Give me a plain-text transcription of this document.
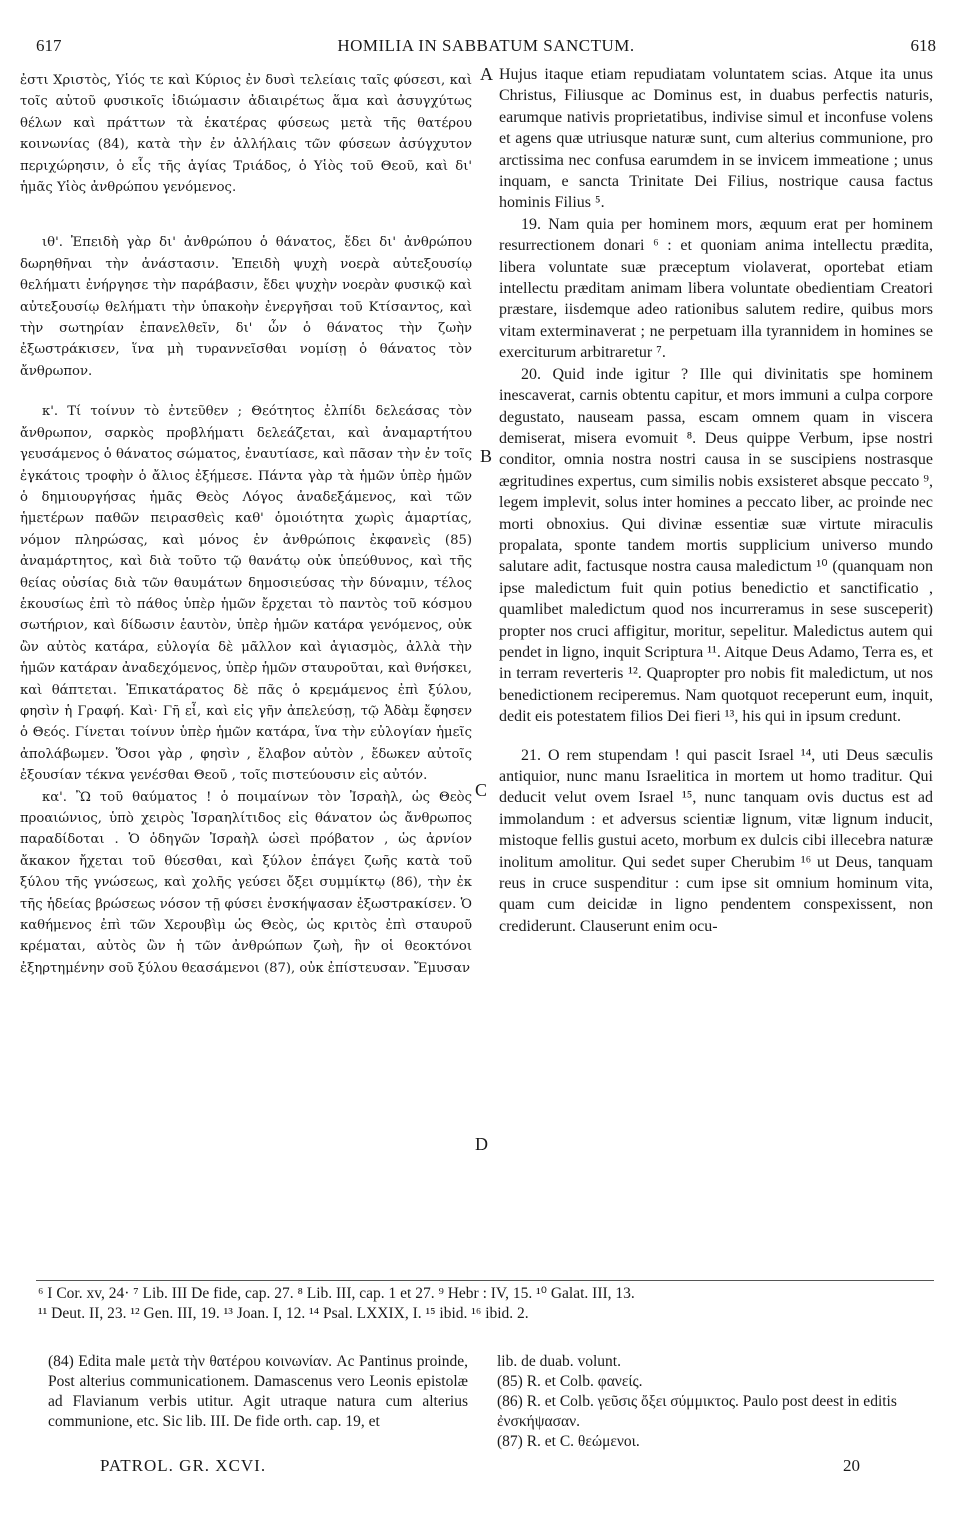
617	HOMILIA IN SABBATUM SANCTUM.	618

ἐστι Χριστὸς, Υἱός τε καὶ Κύριος ἐν δυσὶ τελείαις ταῖς φύσεσι, καὶ τοῖς αὐτοῦ φυσικοῖς ἰδιώμασιν ἀδιαιρέτως ἅμα καὶ ἀσυγχύτως θέλων καὶ πράττων τὰ ἑκατέρας φύσεως μετὰ τῆς θατέρου κοινωνίας (84), κατὰ τὴν ἐν ἀλλήλαις τῶν φύσεων ἀσύγχυτον περιχώρησιν, ὁ εἷς τῆς ἁγίας Τριάδος, ὁ Υἱὸς τοῦ Θεοῦ, καὶ δι' ἡμᾶς Υἱὸς ἀνθρώπου γενόμενος.

ιθ'. Ἐπειδὴ γὰρ δι' ἀνθρώπου ὁ θάνατος, ἔδει δι' ἀνθρώπου δωρηθῆναι τὴν ἀνάστασιν. Ἐπειδὴ ψυχὴ νοερὰ αὐτεξουσίῳ θελήματι ἐνήργησε τὴν παράβασιν, ἔδει ψυχὴν νοερὰν φυσικῷ καὶ αὐτεξουσίῳ θελήματι τὴν ὑπακοὴν ἐνεργῆσαι τοῦ Κτίσαντος, καὶ τὴν σωτηρίαν ἐπανελθεῖν, δι' ὧν ὁ θάνατος τὴν ζωὴν ἐξωστράκισεν, ἵνα μὴ τυραννεῖσθαι νομίσῃ ὁ θάνατος τὸν ἄνθρωπον.

κ'. Τί τοίνυν τὸ ἐντεῦθεν ; Θεότητος ἐλπίδι δελεάσας τὸν ἄνθρωπον, σαρκὸς προβλήματι δελεάζεται, καὶ ἀναμαρτήτου γευσάμενος ὁ θάνατος σώματος, ἐναυτίασε, καὶ πᾶσαν τὴν ἐν τοῖς ἐγκάτοις τροφὴν ὁ ἄλιος ἐξήμεσε. Πάντα γὰρ τὰ ἡμῶν ὑπὲρ ἡμῶν ὁ δημιουργήσας ἡμᾶς Θεὸς Λόγος ἀναδεξάμενος, καὶ τῶν ἡμετέρων παθῶν πειρασθεὶς καθ' ὁμοιότητα χωρὶς ἁμαρτίας, νόμον πληρώσας, καὶ μόνος ἐν ἀνθρώποις ἐκφανεὶς (85) ἀναμάρτητος, καὶ διὰ τοῦτο τῷ θανάτῳ οὐκ ὑπεύθυνος, καὶ τῆς θείας οὐσίας διὰ τῶν θαυμάτων δημοσιεύσας τὴν δύναμιν, τέλος ἑκουσίως ἐπὶ τὸ πάθος ὑπὲρ ἡμῶν ἔρχεται τὸ παντὸς τοῦ κόσμου σωτήριον, καὶ δίδωσιν ἑαυτὸν, ὑπὲρ ἡμῶν κατάρα γενόμενος, οὐκ ὢν αὐτὸς κατάρα, εὐλογία δὲ μᾶλλον καὶ ἁγιασμὸς, ἀλλὰ τὴν ἡμῶν κατάραν ἀναδεχόμενος, ὑπὲρ ἡμῶν σταυροῦται, καὶ θνήσκει, καὶ θάπτεται. Ἐπικατάρατος δὲ πᾶς ὁ κρεμάμενος ἐπὶ ξύλου, φησὶν ἡ Γραφή. Καὶ· Γῆ εἶ, καὶ εἰς γῆν ἀπελεύσῃ, τῷ Ἀδὰμ ἔφησεν ὁ Θεός. Γίνεται τοίνυν ὑπὲρ ἡμῶν κατάρα, ἵνα τὴν εὐλογίαν ἡμεῖς ἀπολάβωμεν. Ὅσοι γὰρ , φησὶν , ἔλαβον αὐτὸν , ἔδωκεν αὐτοῖς ἐξουσίαν τέκνα γενέσθαι Θεοῦ , τοῖς πιστεύουσιν εἰς αὐτόν.

κα'. Ὢ τοῦ θαύματος ! ὁ ποιμαίνων τὸν Ἰσραὴλ, ὡς Θεὸς προαιώνιος, ὑπὸ χειρὸς Ἰσραηλίτιδος εἰς θάνατον ὡς ἄνθρωπος παραδίδοται . Ὁ ὁδηγῶν Ἰσραὴλ ὡσεὶ πρόβατον , ὡς ἀρνίον ἄκακον ἤχεται τοῦ θύεσθαι, καὶ ξύλον ἐπάγει ζωῆς κατὰ τοῦ ξύλου τῆς γνώσεως, καὶ χολῆς γεύσει ὄξει συμμίκτῳ (86), τὴν ἐκ τῆς ἡδείας βρώσεως νόσον τῇ φύσει ἐνσκήψασαν ἐξωστρακίσεν. Ὁ καθήμενος ἐπὶ τῶν Χερουβὶμ ὡς Θεὸς, ὡς κριτὸς ἐπὶ σταυροῦ κρέμαται, αὐτὸς ὢν ἡ τῶν ἀνθρώπων ζωὴ, ἣν οἱ θεοκτόνοι ἐξηρτημένην σοῦ ξύλου θεασάμενοι (87), οὐκ ἐπίστευσαν. Ἔμυσαν

A
B
C
D

Hujus itaque etiam repudiatam voluntatem scias. Atque ita unus Christus, Filiusque ac Dominus est, in duabus perfectis naturis, earumque nativis proprietatibus, indivise simul et inconfuse volens et agens quæ utriusque naturæ sunt, cum alterius communione, pro arctissima nec confusa earumdem in se invicem immeatione ; unus inquam, e sancta Trinitate Dei Filius, nostrique causa factus hominis Filius ⁵.

19. Nam quia per hominem mors, æquum erat per hominem resurrectionem donari ⁶ : et quoniam anima intellectu prædita, libera voluntate suæ præceptum violaverat, oportebat etiam intellectu præditam animam libera voluntate obedientiam Creatori præstare, iisdemque adeo rationibus salutem redire, quibus mors vitam exterminaverat ; ne perpetuam illa tyrannidem in homines se exerciturum arbitraretur ⁷.

20. Quid inde igitur ? Ille qui divinitatis spe hominem inescaverat, carnis obtentu capitur, et mors immuni a culpa corpore degustato, nauseam passa, escam omnem quam in viscera demiserat, misera evomuit ⁸. Deus quippe Verbum, ipse nostri conditor, omnia nostra nostri causa in se suscipiens nostrasque ægritudines expertus, cum similis nobis exsisteret absque peccato ⁹, legem implevit, solus inter homines a peccato liber, ac proinde nec morti obnoxius. Qui divinæ essentiæ suæ virtute miraculis propalata, sponte tandem mortis supplicium universo mundo salutare adit, factusque nostra causa maledictum ¹⁰ (quanquam non ipse maledictum fuit quin potius benedictio et sanctificatio , quamlibet maledictum quod nos incurreramus in sese susceperit) propter nos cruci affigitur, moritur, sepelitur. Maledictus autem qui pendet in ligno, inquit Scriptura ¹¹. Aitque Deus Adamo, Terra es, et in terram reverteris ¹². Quapropter pro nobis fit maledictum, ut nos benedictionem reciperemus. Nam quotquot receperunt eum, inquit, dedit eis potestatem filios Dei fieri ¹³, his qui in ipsum credunt.

21. O rem stupendam ! qui pascit Israel ¹⁴, uti Deus sæculis antiquior, nunc manu Israelitica in mortem ut homo traditur. Qui deducit velut ovem Israel ¹⁵, nunc tanquam ovis ductus est ad immolandum : et adversus scientiæ lignum, vitæ lignum inducit, mistoque fellis gustui aceto, morbum ex dulcis cibi illecebra naturæ inolitum amolitur. Qui sedet super Cherubim ¹⁶ ut Deus, tanquam reus in cruce suspenditur : cum ipse sit omnium hominum vita, quam cum deicidæ in ligno pendentem conspexissent, non crediderunt. Clauserunt enim ocu-

⁶ I Cor. xv, 24· ⁷ Lib. III De fide, cap. 27. ⁸ Lib. III, cap. 1 et 27. ⁹ Hebr : IV, 15. ¹⁰ Galat. III, 13.

¹¹ Deut. II, 23. ¹² Gen. III, 19. ¹³ Joan. I, 12. ¹⁴ Psal. LXXIX, I. ¹⁵ ibid. ¹⁶ ibid. 2.

(84) Edita male μετὰ τὴν θατέρου κοινωνίαν. Ac Pantinus proinde, Post alterius communicationem. Damascenus vero Leonis epistolæ ad Flavianum verbis utitur. Agit utraque natura cum alterius communione, etc. Sic lib. III. De fide orth. cap. 19, et

lib. de duab. volunt.

(85) R. et Colb. φανείς.

(86) R. et Colb. γεῦσις ὄξει σύμμικτος. Paulo post deest in editis ἐνσκήψασαν.

(87) R. et C. θεώμενοι.

PATROL. GR. XCVI.	20
